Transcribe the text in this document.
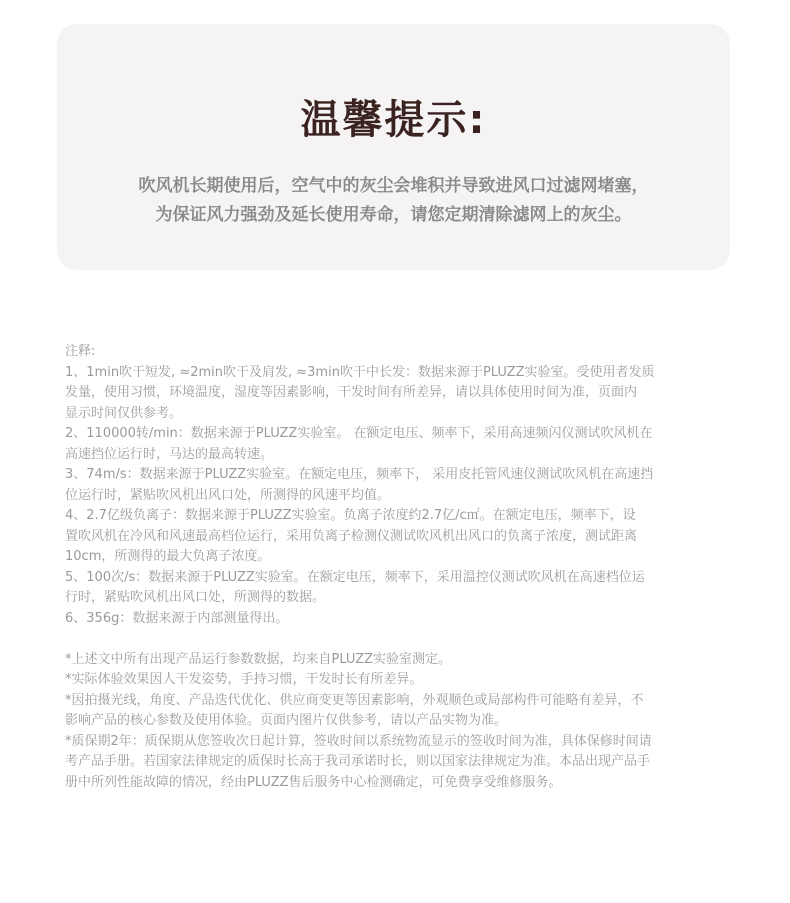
温馨提示:
吹风机长期使用后，空气中的灰尘会堆积并导致进风口过滤网堵塞，
为保证风力强劲及延长使用寿命，请您定期清除滤网上的灰尘。

注释:

1、1min吹干短发, ≈2min吹干及肩发, ≈3min吹干中长发：数据来源于PLUZZ实验室。受使用者发质

发量，使用习惯，环境温度，湿度等因素影响，干发时间有所差异，请以具体使用时间为准，页面内

显示时间仅供参考。

2、110000转/min：数据来源于PLUZZ实验室。 在额定电压、频率下，采用高速频闪仪测试吹风机在

高速挡位运行时，马达的最高转速。

3、74m/s：数据来源于PLUZZ实验室。在额定电压，频率下， 采用皮托管风速仪测试吹风机在高速挡

位运行时，紧贴吹风机出风口处，所测得的风速平均值。

4、2.7亿级负离子：数据来源于PLUZZ实验室。负离子浓度约2.7亿/c㎡。在额定电压，频率下，设

置吹风机在冷风和风速最高档位运行，采用负离子检测仪测试吹风机出风口的负离子浓度，测试距离

10cm，所测得的最大负离子浓度。

5、100次/s：数据来源于PLUZZ实验室。在额定电压，频率下，采用温控仪测试吹风机在高速档位运

行时，紧贴吹风机出风口处，所测得的数据。

6、356g：数据来源于内部测量得出。

*上述文中所有出现产品运行参数数据，均来自PLUZZ实验室测定。

*实际体验效果因人干发姿势，手持习惯，干发时长有所差异。

*因拍摄光线，角度、产品迭代优化、供应商变更等因素影响，外观顺色或局部构件可能略有差异，不

影响产品的核心参数及使用体验。页面内图片仅供参考，请以产品实物为准。

*质保期2年：质保期从您签收次日起计算，签收时间以系统物流显示的签收时间为准，具体保修时间请

考产品手册。若国家法律规定的质保时长高于我司承诺时长，则以国家法律规定为准。本品出现产品手

册中所列性能故障的情况，经由PLUZZ售后服务中心检测确定，可免费享受维修服务。
